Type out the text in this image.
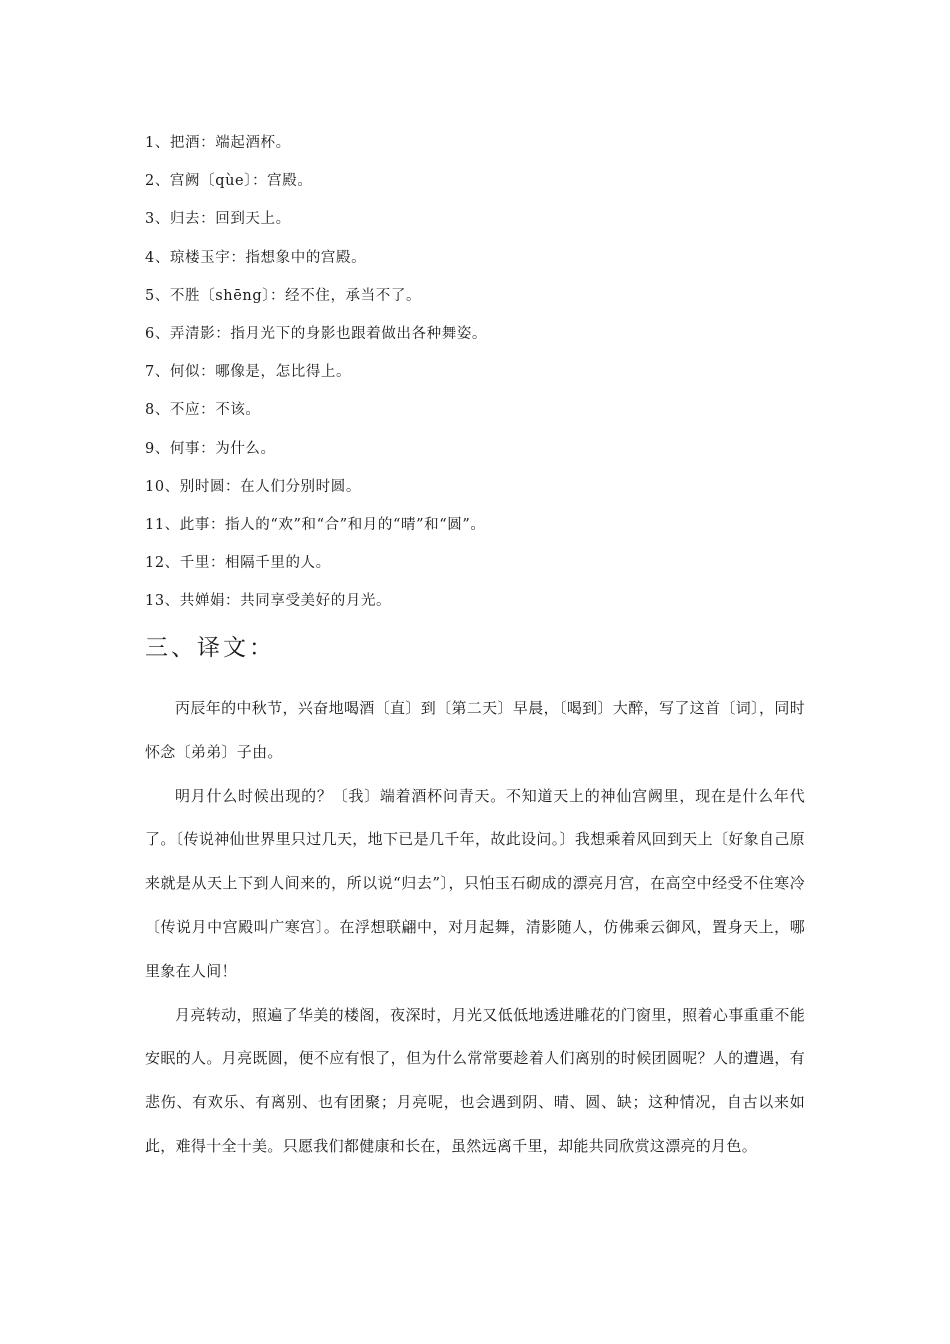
1、把酒：端起酒杯。
2、宫阙〔qùe〕：宫殿。
3、归去：回到天上。
4、琼楼玉宇：指想象中的宫殿。
5、不胜〔shēng〕：经不住，承当不了。
6、弄清影：指月光下的身影也跟着做出各种舞姿。
7、何似：哪像是，怎比得上。
8、不应：不该。
9、何事：为什么。
10、别时圆：在人们分别时圆。
11、此事：指人的“欢”和“合”和月的“晴”和“圆”。
12、千里：相隔千里的人。
13、共婵娟：共同享受美好的月光。
三、译文：

丙辰年的中秋节，兴奋地喝酒〔直〕到〔第二天〕早晨，〔喝到〕大醉，写了这首〔词〕，同时怀念〔弟弟〕子由。

明月什么时候出现的？〔我〕端着酒杯问青天。不知道天上的神仙宫阙里，现在是什么年代了。〔传说神仙世界里只过几天，地下已是几千年，故此设问。〕我想乘着风回到天上〔好象自己原来就是从天上下到人间来的，所以说“归去”〕，只怕玉石砌成的漂亮月宫，在高空中经受不住寒冷〔传说月中宫殿叫广寒宫〕。在浮想联翩中，对月起舞，清影随人，仿佛乘云御风，置身天上，哪里象在人间！

月亮转动，照遍了华美的楼阁，夜深时，月光又低低地透进雕花的门窗里，照着心事重重不能安眠的人。月亮既圆，便不应有恨了，但为什么常常要趁着人们离别的时候团圆呢？人的遭遇，有悲伤、有欢乐、有离别、也有团聚；月亮呢，也会遇到阴、晴、圆、缺；这种情况，自古以来如此，难得十全十美。只愿我们都健康和长在，虽然远离千里，却能共同欣赏这漂亮的月色。
